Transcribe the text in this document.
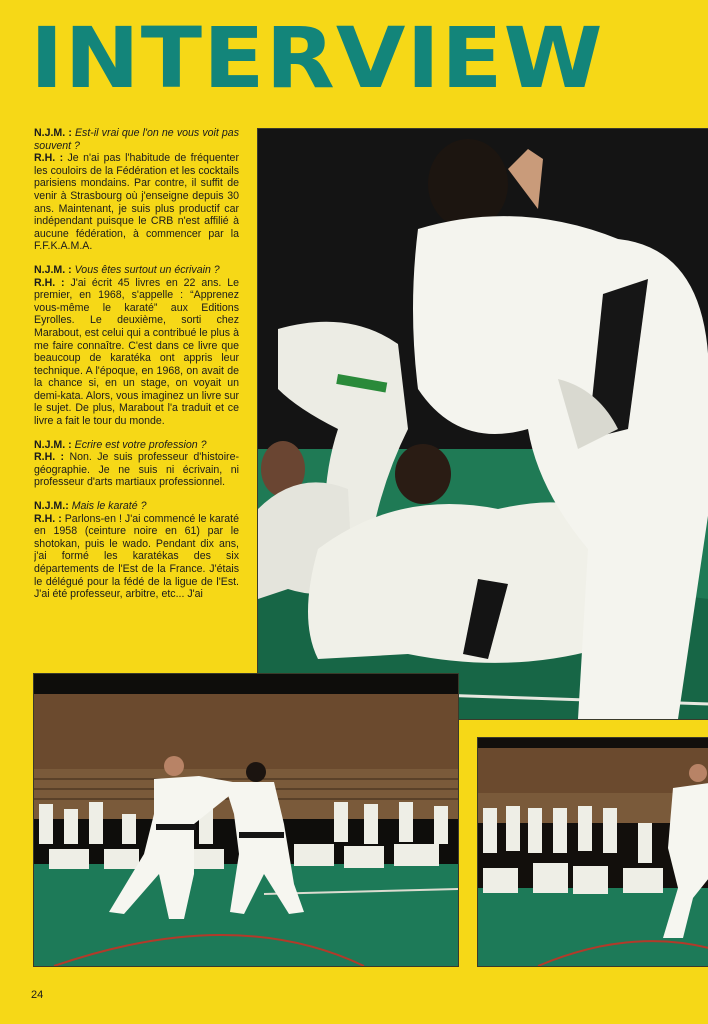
INTERVIEW

N.J.M. : Est-il vrai que l'on ne vous voit pas souvent ?

R.H. : Je n'ai pas l'habitude de fréquenter les couloirs de la Fédération et les cocktails parisiens mondains. Par contre, il suffit de venir à Strasbourg où j'enseigne depuis 30 ans. Maintenant, je suis plus productif car indépendant puisque le CRB n'est affilié à aucune fédération, à commencer par la F.F.K.A.M.A.

N.J.M. : Vous êtes surtout un écrivain ?

R.H. : J'ai écrit 45 livres en 22 ans. Le premier, en 1968, s'appelle : “Apprenez vous-même le karaté” aux Editions Eyrolles. Le deuxième, sorti chez Marabout, est celui qui a contribué le plus à me faire connaître. C'est dans ce livre que beaucoup de karatéka ont appris leur technique. A l'époque, en 1968, on avait de la chance si, en un stage, on voyait un demi-kata. Alors, vous imaginez un livre sur le sujet. De plus, Marabout l'a traduit et ce livre a fait le tour du monde.

N.J.M. : Ecrire est votre profession ?

R.H. : Non. Je suis professeur d'histoire-géographie. Je ne suis ni écrivain, ni professeur d'arts martiaux professionnel.

N.J.M.: Mais le karaté ?

R.H. : Parlons-en ! J'ai commencé le karaté en 1958 (ceinture noire en 61) par le shotokan, puis le wado. Pendant dix ans, j'ai formé les karatékas des six départements de l'Est de la France. J'étais le délégué pour la fédé de la ligue de l'Est. J'ai été professeur, arbitre, etc... J'ai

24
